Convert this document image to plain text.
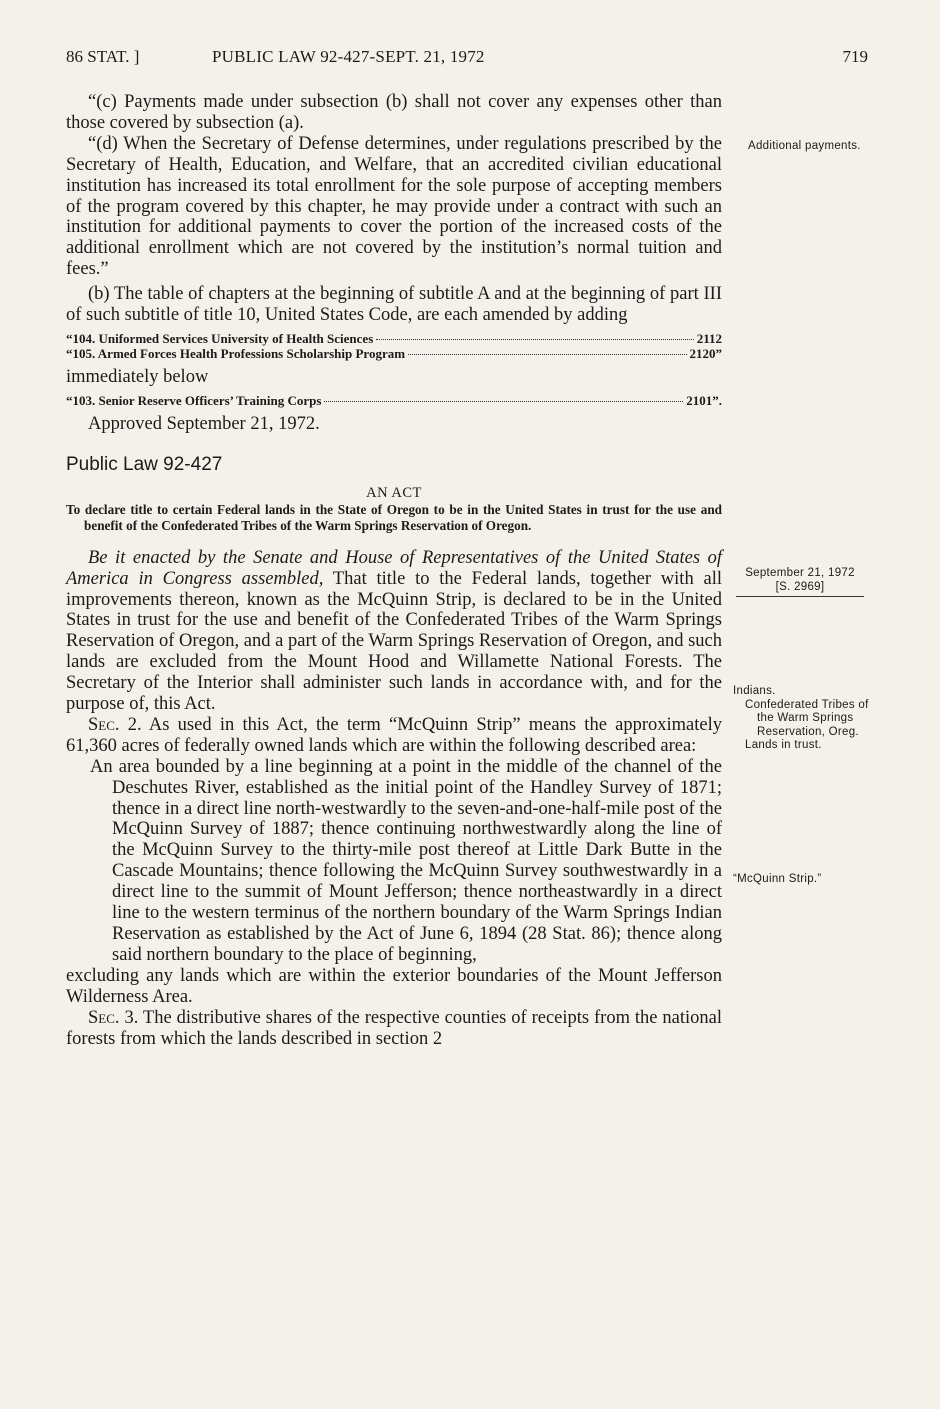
86 STAT. ]	PUBLIC LAW 92-427-SEPT. 21, 1972	719

“(c) Payments made under subsection (b) shall not cover any expenses other than those covered by subsection (a).

“(d) When the Secretary of Defense determines, under regulations prescribed by the Secretary of Health, Education, and Welfare, that an accredited civilian educational institution has increased its total enrollment for the sole purpose of accepting members of the program covered by this chapter, he may provide under a contract with such an institution for additional payments to cover the portion of the increased costs of the additional enrollment which are not covered by the institution’s normal tuition and fees.”

(b) The table of chapters at the beginning of subtitle A and at the beginning of part III of such subtitle of title 10, United States Code, are each amended by adding

“104. Uniformed Services University of Health Sciences	2112
“105. Armed Forces Health Professions Scholarship Program	2120”

immediately below

“103. Senior Reserve Officers’ Training Corps	2101”.

Approved September 21, 1972.

Public Law 92-427

AN ACT

To declare title to certain Federal lands in the State of Oregon to be in the United States in trust for the use and benefit of the Confederated Tribes of the Warm Springs Reservation of Oregon.

Be it enacted by the Senate and House of Representatives of the United States of America in Congress assembled, That title to the Federal lands, together with all improvements thereon, known as the McQuinn Strip, is declared to be in the United States in trust for the use and benefit of the Confederated Tribes of the Warm Springs Reservation of Oregon, and a part of the Warm Springs Reservation of Oregon, and such lands are excluded from the Mount Hood and Willamette National Forests. The Secretary of the Interior shall administer such lands in accordance with, and for the purpose of, this Act.

Sec. 2. As used in this Act, the term “McQuinn Strip” means the approximately 61,360 acres of federally owned lands which are within the following described area:

An area bounded by a line beginning at a point in the middle of the channel of the Deschutes River, established as the initial point of the Handley Survey of 1871; thence in a direct line north-westwardly to the seven-and-one-half-mile post of the McQuinn Survey of 1887; thence continuing northwestwardly along the line of the McQuinn Survey to the thirty-mile post thereof at Little Dark Butte in the Cascade Mountains; thence following the McQuinn Survey southwestwardly in a direct line to the summit of Mount Jefferson; thence northeastwardly in a direct line to the western terminus of the northern boundary of the Warm Springs Indian Reservation as established by the Act of June 6, 1894 (28 Stat. 86); thence along said northern boundary to the place of beginning,

excluding any lands which are within the exterior boundaries of the Mount Jefferson Wilderness Area.

Sec. 3. The distributive shares of the respective counties of receipts from the national forests from which the lands described in section 2

Additional payments.
September 21, 1972
[S. 2969]
Indians.
Confederated Tribes of the Warm Springs Reservation, Oreg.
Lands in trust.
“McQuinn Strip.”
